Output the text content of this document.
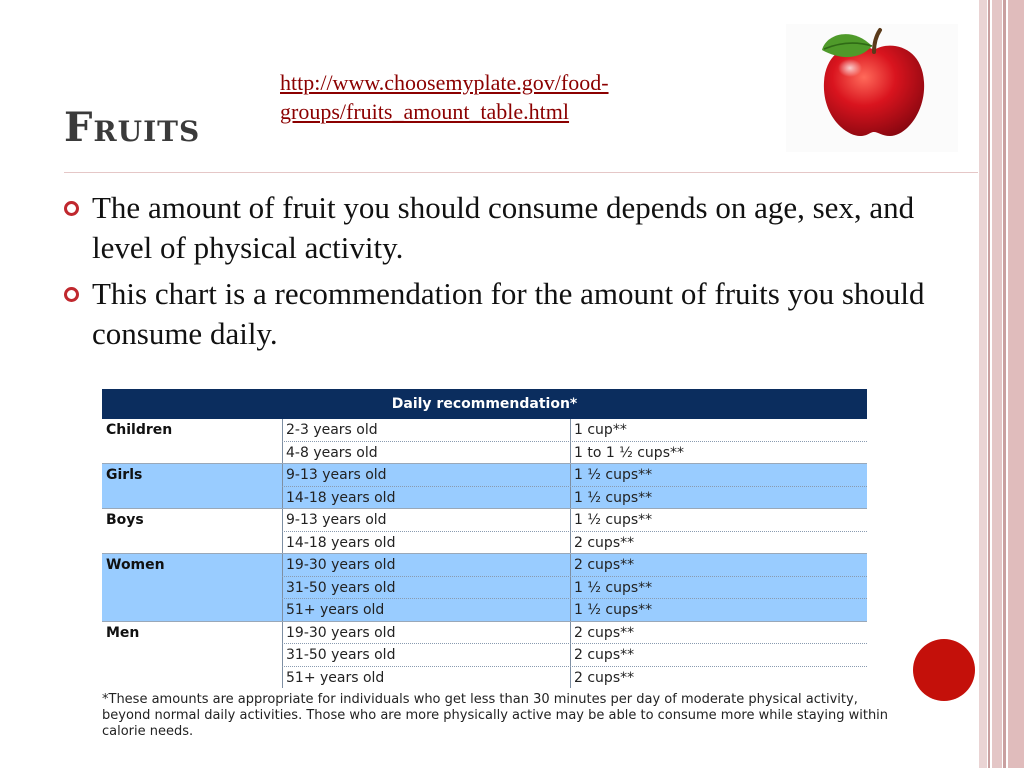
Fruits
http://www.choosemyplate.gov/food-groups/fruits_amount_table.html
The amount of fruit you should consume depends on age, sex, and level of physical activity.
This chart is a recommendation for the amount of fruits you should consume daily.
Daily recommendation*
Children	2-3 years old	1 cup**
4-8 years old	1 to 1 ½ cups**
Girls	9-13 years old	1 ½ cups**
14-18 years old	1 ½ cups**
Boys	9-13 years old	1 ½ cups**
14-18 years old	2 cups**
Women	19-30 years old	2 cups**
31-50 years old	1 ½ cups**
51+ years old	1 ½ cups**
Men	19-30 years old	2 cups**
31-50 years old	2 cups**
51+ years old	2 cups**
*These amounts are appropriate for individuals who get less than 30 minutes per day of moderate physical activity, beyond normal daily activities. Those who are more physically active may be able to consume more while staying within calorie needs.
